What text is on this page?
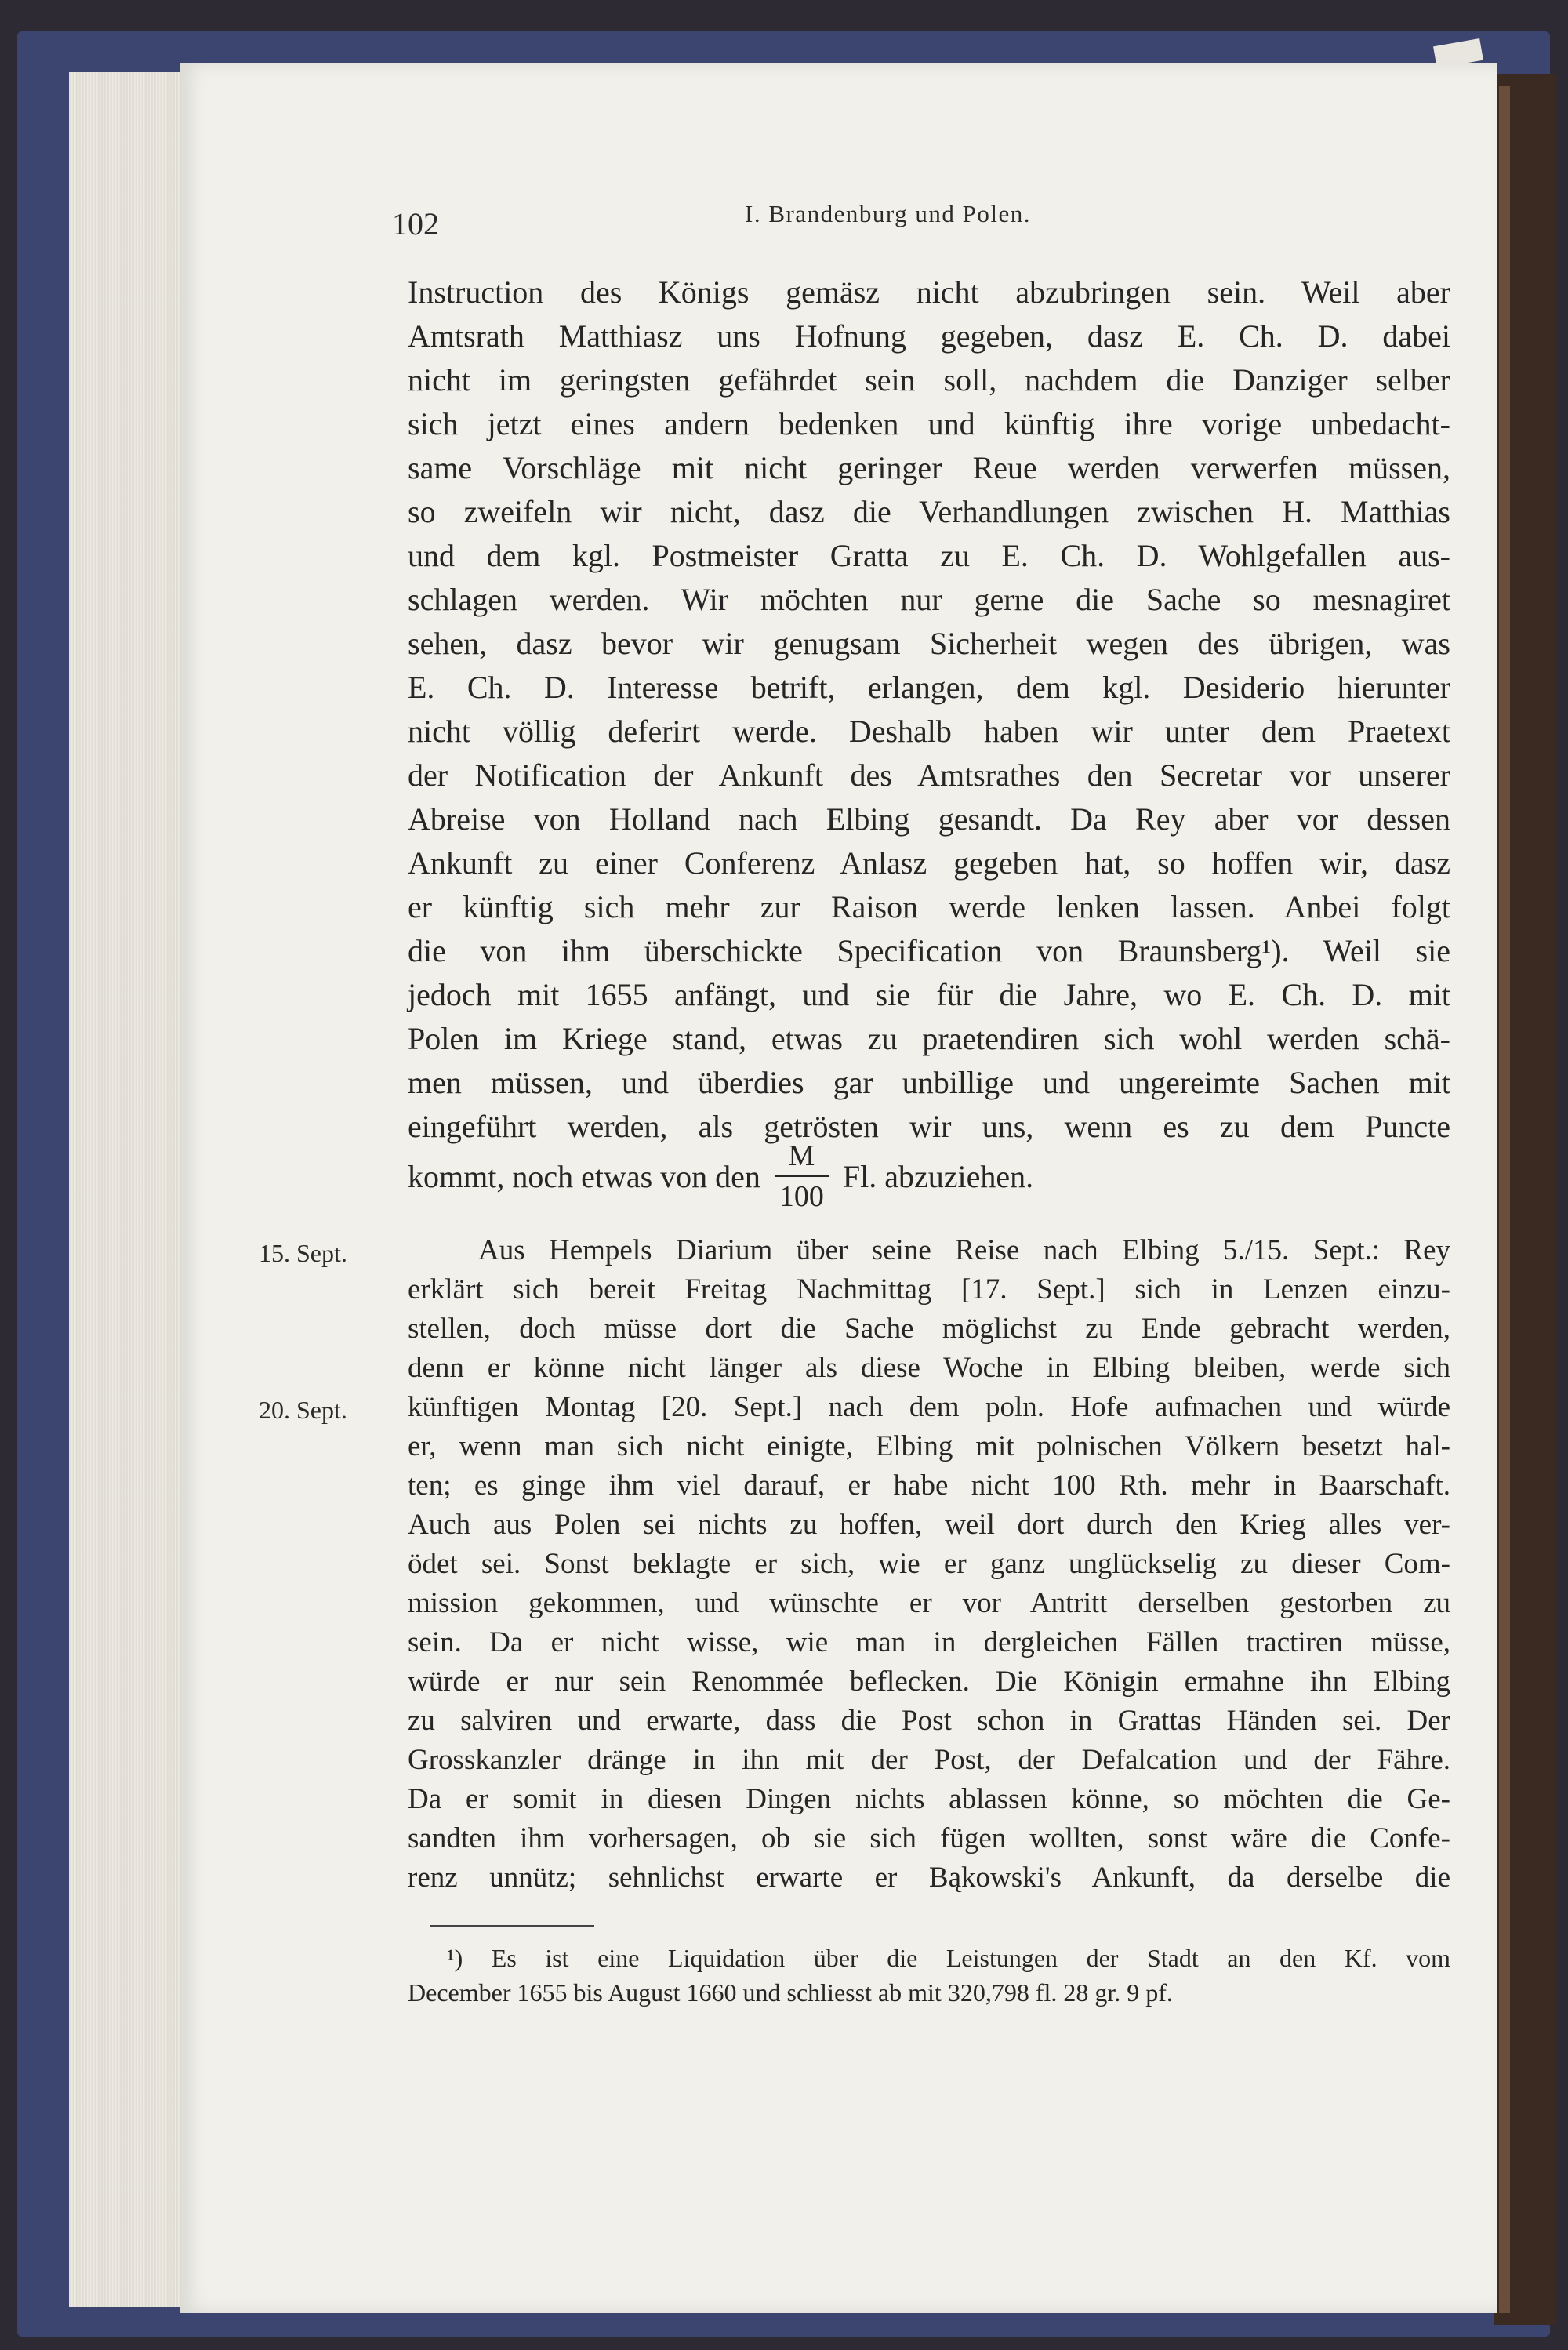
102	I. Brandenburg und Polen.

Instruction des Königs gemäsz nicht abzubringen sein. Weil aber

Amtsrath Matthiasz uns Hofnung gegeben, dasz E. Ch. D. dabei

nicht im geringsten gefährdet sein soll, nachdem die Danziger selber

sich jetzt eines andern bedenken und künftig ihre vorige unbedacht-

same Vorschläge mit nicht geringer Reue werden verwerfen müssen,

so zweifeln wir nicht, dasz die Verhandlungen zwischen H. Matthias

und dem kgl. Postmeister Gratta zu E. Ch. D. Wohlgefallen aus-

schlagen werden. Wir möchten nur gerne die Sache so mesnagiret

sehen, dasz bevor wir genugsam Sicherheit wegen des übrigen, was

E. Ch. D. Interesse betrift, erlangen, dem kgl. Desiderio hierunter

nicht völlig deferirt werde. Deshalb haben wir unter dem Praetext

der Notification der Ankunft des Amtsrathes den Secretar vor unserer

Abreise von Holland nach Elbing gesandt. Da Rey aber vor dessen

Ankunft zu einer Conferenz Anlasz gegeben hat, so hoffen wir, dasz

er künftig sich mehr zur Raison werde lenken lassen. Anbei folgt

die von ihm überschickte Specification von Braunsberg¹). Weil sie

jedoch mit 1655 anfängt, und sie für die Jahre, wo E. Ch. D. mit

Polen im Kriege stand, etwas zu praetendiren sich wohl werden schä-

men müssen, und überdies gar unbillige und ungereimte Sachen mit

eingeführt werden, als getrösten wir uns, wenn es zu dem Puncte

kommt, noch etwas von den $\frac{M}{100} Fl$. abzuziehen.
15. Sept.
20. Sept.

Aus Hempels Diarium über seine Reise nach Elbing 5./15. Sept.: Rey

erklärt sich bereit Freitag Nachmittag [17. Sept.] sich in Lenzen einzu-

stellen, doch müsse dort die Sache möglichst zu Ende gebracht werden,

denn er könne nicht länger als diese Woche in Elbing bleiben, werde sich

künftigen Montag [20. Sept.] nach dem poln. Hofe aufmachen und würde

er, wenn man sich nicht einigte, Elbing mit polnischen Völkern besetzt hal-

ten; es ginge ihm viel darauf, er habe nicht 100 Rth. mehr in Baarschaft.

Auch aus Polen sei nichts zu hoffen, weil dort durch den Krieg alles ver-

ödet sei. Sonst beklagte er sich, wie er ganz unglückselig zu dieser Com-

mission gekommen, und wünschte er vor Antritt derselben gestorben zu

sein. Da er nicht wisse, wie man in dergleichen Fällen tractiren müsse,

würde er nur sein Renommée beflecken. Die Königin ermahne ihn Elbing

zu salviren und erwarte, dass die Post schon in Grattas Händen sei. Der

Grosskanzler dränge in ihn mit der Post, der Defalcation und der Fähre.

Da er somit in diesen Dingen nichts ablassen könne, so möchten die Ge-

sandten ihm vorhersagen, ob sie sich fügen wollten, sonst wäre die Confe-

renz unnütz; sehnlichst erwarte er Bąkowski's Ankunft, da derselbe die

¹) Es ist eine Liquidation über die Leistungen der Stadt an den Kf. vom

December 1655 bis August 1660 und schliesst ab mit 320,798 fl. 28 gr. 9 pf.
